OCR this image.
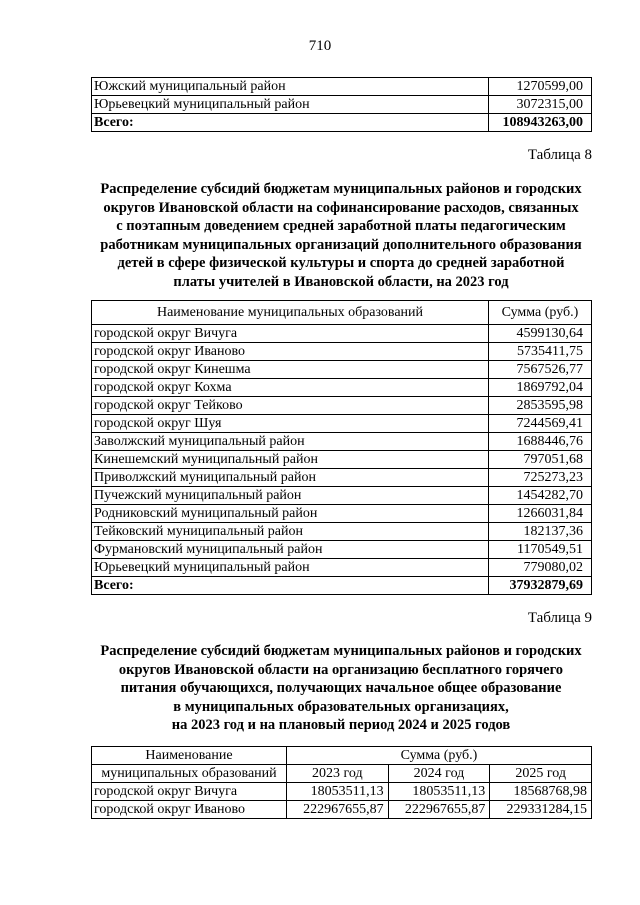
710
Южский муниципальный район	1270599,00
Юрьевецкий муниципальный район	3072315,00
Всего:	108943263,00
Таблица 8
Распределение субсидий бюджетам муниципальных районов и городских
округов Ивановской области на софинансирование расходов, связанных
с поэтапным доведением средней заработной платы педагогическим
работникам муниципальных организаций дополнительного образования
детей в сфере физической культуры и спорта до средней заработной
платы учителей в Ивановской области, на 2023 год
Наименование муниципальных образований	Сумма (руб.)
городской округ Вичуга	4599130,64
городской округ Иваново	5735411,75
городской округ Кинешма	7567526,77
городской округ Кохма	1869792,04
городской округ Тейково	2853595,98
городской округ Шуя	7244569,41
Заволжский муниципальный район	1688446,76
Кинешемский муниципальный район	797051,68
Приволжский муниципальный район	725273,23
Пучежский муниципальный район	1454282,70
Родниковский муниципальный район	1266031,84
Тейковский муниципальный район	182137,36
Фурмановский муниципальный район	1170549,51
Юрьевецкий муниципальный район	779080,02
Всего:	37932879,69
Таблица 9
Распределение субсидий бюджетам муниципальных районов и городских
округов Ивановской области на организацию бесплатного горячего
питания обучающихся, получающих начальное общее образование
в муниципальных образовательных организациях,
на 2023 год и на плановый период 2024 и 2025 годов
Наименование	Сумма (руб.)		
муниципальных образований	2023 год	2024 год	2025 год
городской округ Вичуга	18053511,13	18053511,13	18568768,98
городской округ Иваново	222967655,87	222967655,87	229331284,15
